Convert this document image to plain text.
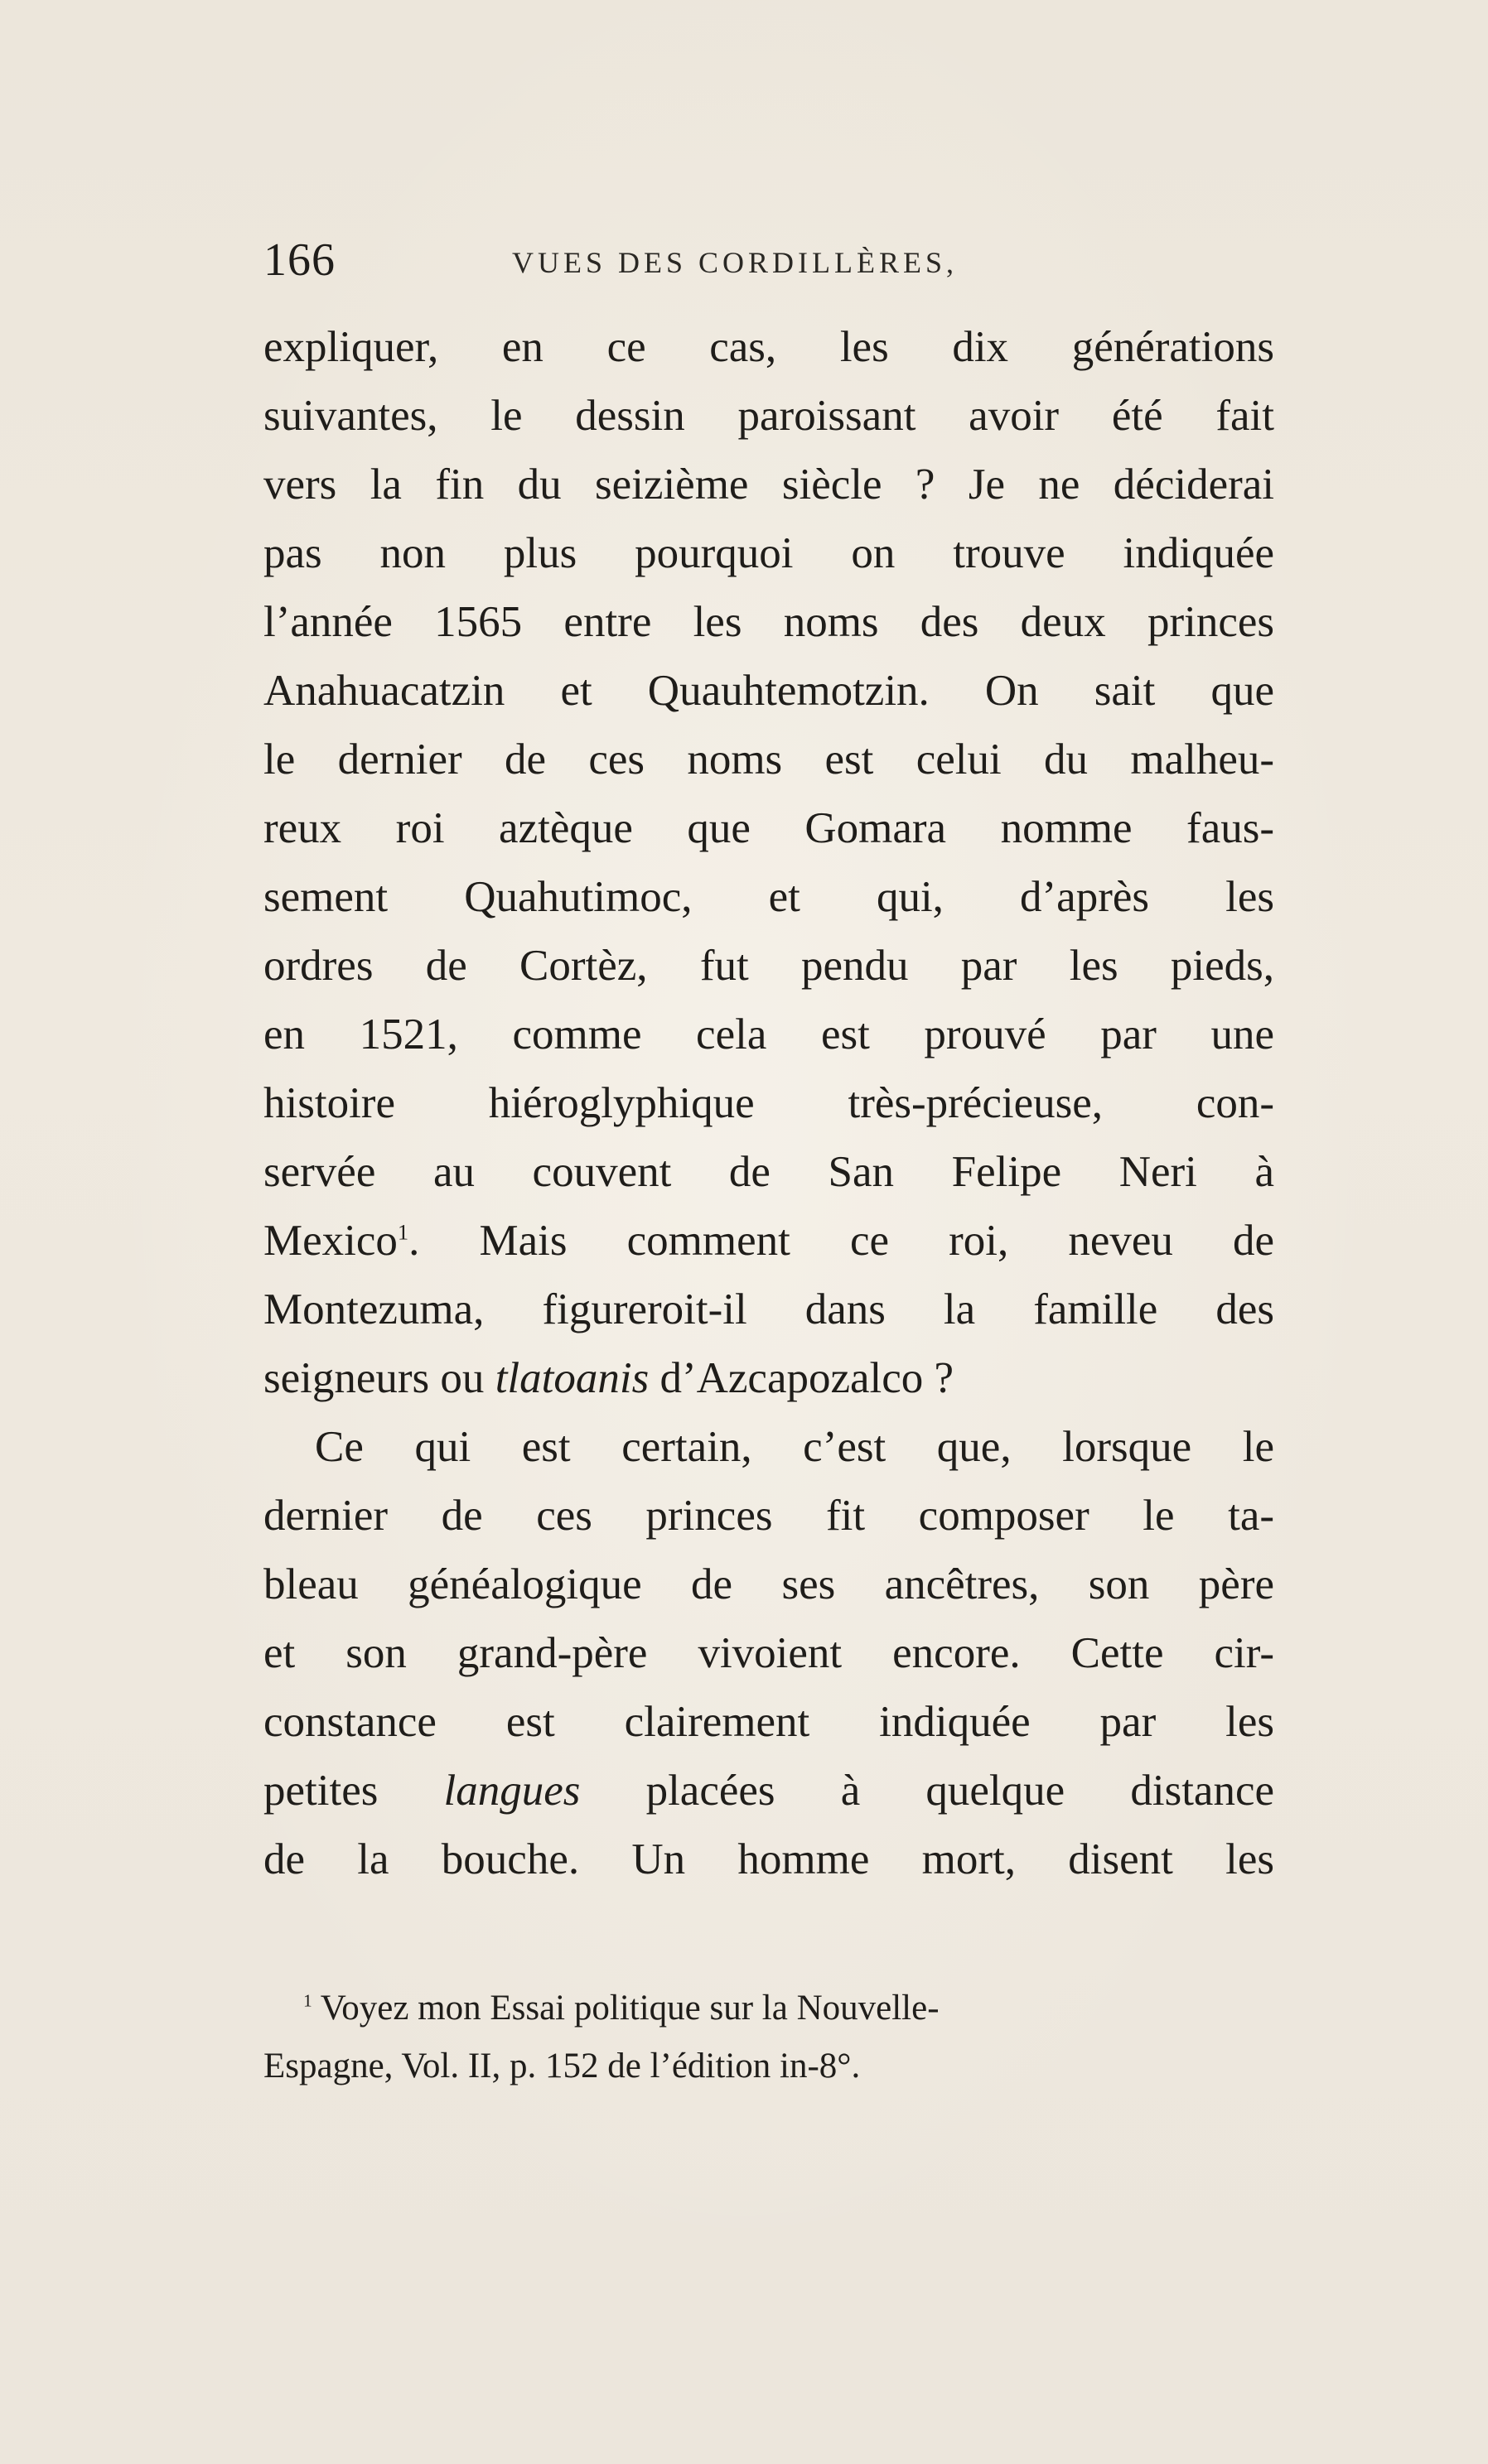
166	VUES DES CORDILLÈRES,
expliquer, en ce cas, les dix générations
suivantes, le dessin paroissant avoir été fait
vers la fin du seizième siècle ? Je ne déciderai
pas non plus pourquoi on trouve indiquée
l’année 1565 entre les noms des deux princes
Anahuacatzin et Quauhtemotzin. On sait que
le dernier de ces noms est celui du malheu-
reux roi aztèque que Gomara nomme faus-
sement Quahutimoc, et qui, d’après les
ordres de Cortèz, fut pendu par les pieds,
en 1521, comme cela est prouvé par une
histoire hiéroglyphique très-précieuse, con-
servée au couvent de San Felipe Neri à
Mexico$^1$. Mais comment ce roi, neveu de
Montezuma, figureroit-il dans la famille des
seigneurs ou tlatoanis d’Azcapozalco ?
Ce qui est certain, c’est que, lorsque le
dernier de ces princes fit composer le ta-
bleau généalogique de ses ancêtres, son père
et son grand-père vivoient encore. Cette cir-
constance est clairement indiquée par les
petites langues placées à quelque distance
de la bouche. Un homme mort, disent les
$^1$ Voyez mon Essai politique sur la Nouvelle-
Espagne, Vol. II, p. 152 de l’édition in-8°.
